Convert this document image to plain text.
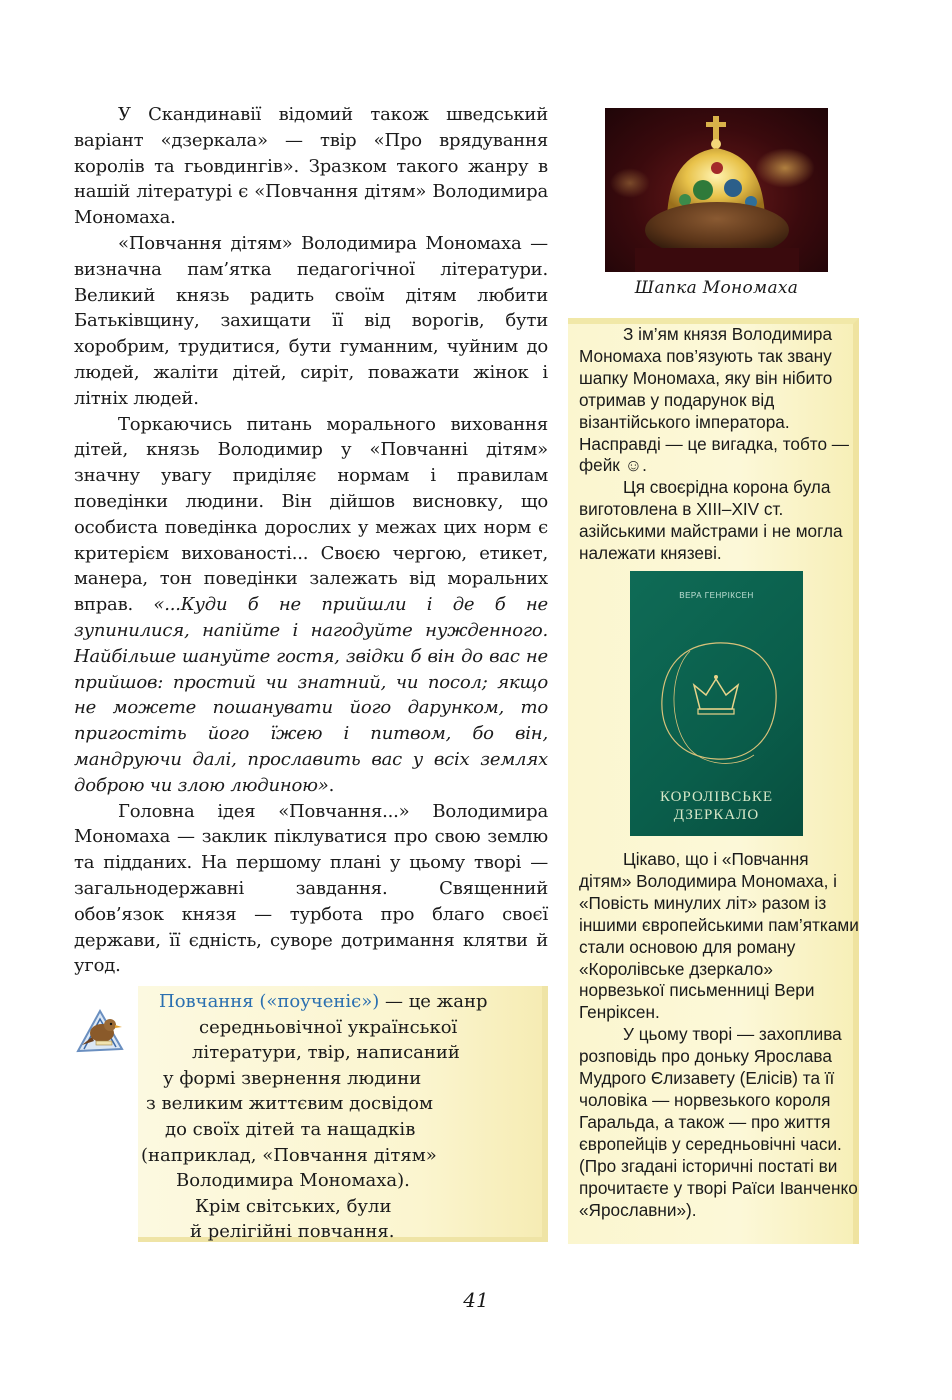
У Скандинавії відомий також шведський варіант «дзеркала» — твір «Про врядування королів та гьовдингів». Зразком такого жанру в нашій літературі є «Повчання дітям» Володимира Мономаха.

«Повчання дітям» Володимира Мономаха — визначна пам’ятка педагогічної літератури. Великий князь радить своїм дітям любити Батьківщину, захищати її від ворогів, бути хоробрим, трудитися, бути гуманним, чуйним до людей, жаліти дітей, сиріт, поважати жінок і літніх людей.

Торкаючись питань морального виховання дітей, князь Володимир у «Повчанні дітям» значну увагу приділяє нормам і правилам поведінки людини. Він дійшов висновку, що особиста поведінка дорослих у межах цих норм є критерієм вихованості... Своєю чергою, етикет, манера, тон поведінки залежать від моральних вправ. «...Куди б не прийшли і де б не зупинилися, напійте і нагодуйте нужденного. Найбільше шануйте гостя, звідки б він до вас не прийшов: простий чи знатний, чи посол; якщо не можете пошанувати його дарунком, то пригостіть його їжею і питвом, бо він, мандруючи далі, прославить вас у всіх землях доброю чи злою людиною».

Головна ідея «Повчання...» Володимира Мономаха — заклик піклуватися про свою землю та підданих. На першому плані у цьому творі — загальнодержавні завдання. Священний обов’язок князя — турбота про благо своєї держави, її єдність, суворе дотримання клятви й угод.

Шапка Мономаха

З ім’ям князя Володимира Мономаха пов’язують так звану шапку Мономаха, яку він нібито отримав у подарунок від візантійського імператора. Насправді — це вигадка, тобто — фейк ☺.

Ця своєрідна корона була виготовлена в XIII–XIV ст. азійськими майстрами і не могла належати князеві.

ВЕРА ГЕНРІКСЕН
КОРОЛІВСЬКЕ
ДЗЕРКАЛО

Цікаво, що і «Повчання дітям» Володимира Мономаха, і «Повість минулих літ» разом із іншими європейськими пам’ятками стали основою для роману «Королівське дзеркало» норвезької письменниці Вери Генріксен.

У цьому творі — захоплива розповідь про доньку Ярослава Мудрого Єлизавету (Елісів) та її чоловіка — норвезького короля Гаральда, а також — про життя європейців у середньовічні часи. (Про згадані історичні постаті ви прочитаєте у творі Раїси Іванченко «Ярославни»).

Повчання («поученіє») — це жанр
середньовічної української
літератури, твір, написаний
у формі звернення людини
з великим життєвим досвідом
до своїх дітей та нащадків
(наприклад, «Повчання дітям»
Володимира Мономаха).
Крім світських, були
й релігійні повчання.
41
